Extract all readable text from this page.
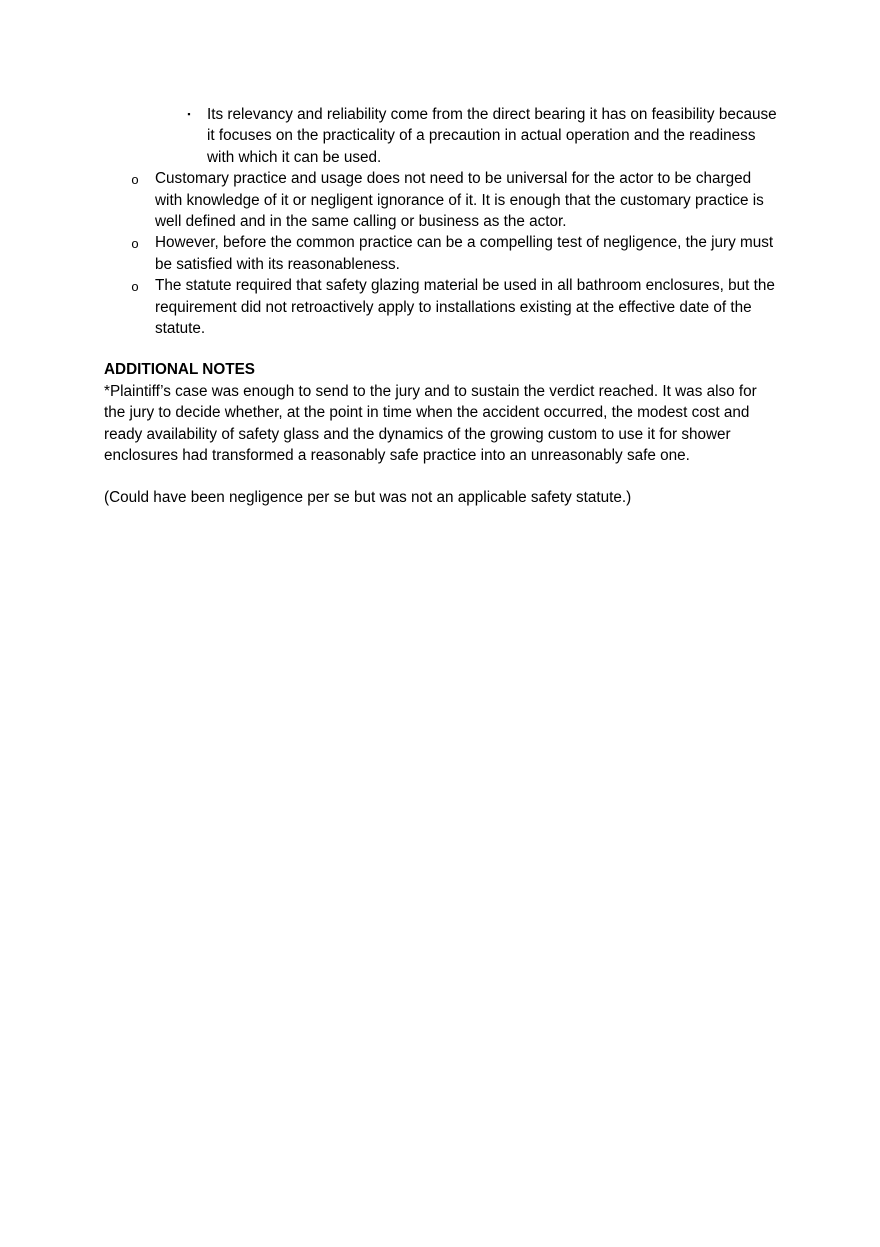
▪ Its relevancy and reliability come from the direct bearing it has on feasibility because it focuses on the practicality of a precaution in actual operation and the readiness with which it can be used.
o Customary practice and usage does not need to be universal for the actor to be charged with knowledge of it or negligent ignorance of it. It is enough that the customary practice is well defined and in the same calling or business as the actor.
o However, before the common practice can be a compelling test of negligence, the jury must be satisfied with its reasonableness.
o The statute required that safety glazing material be used in all bathroom enclosures, but the requirement did not retroactively apply to installations existing at the effective date of the statute.
ADDITIONAL NOTES

*Plaintiff’s case was enough to send to the jury and to sustain the verdict reached. It was also for the jury to decide whether, at the point in time when the accident occurred, the modest cost and ready availability of safety glass and the dynamics of the growing custom to use it for shower enclosures had transformed a reasonably safe practice into an unreasonably safe one.

(Could have been negligence per se but was not an applicable safety statute.)
